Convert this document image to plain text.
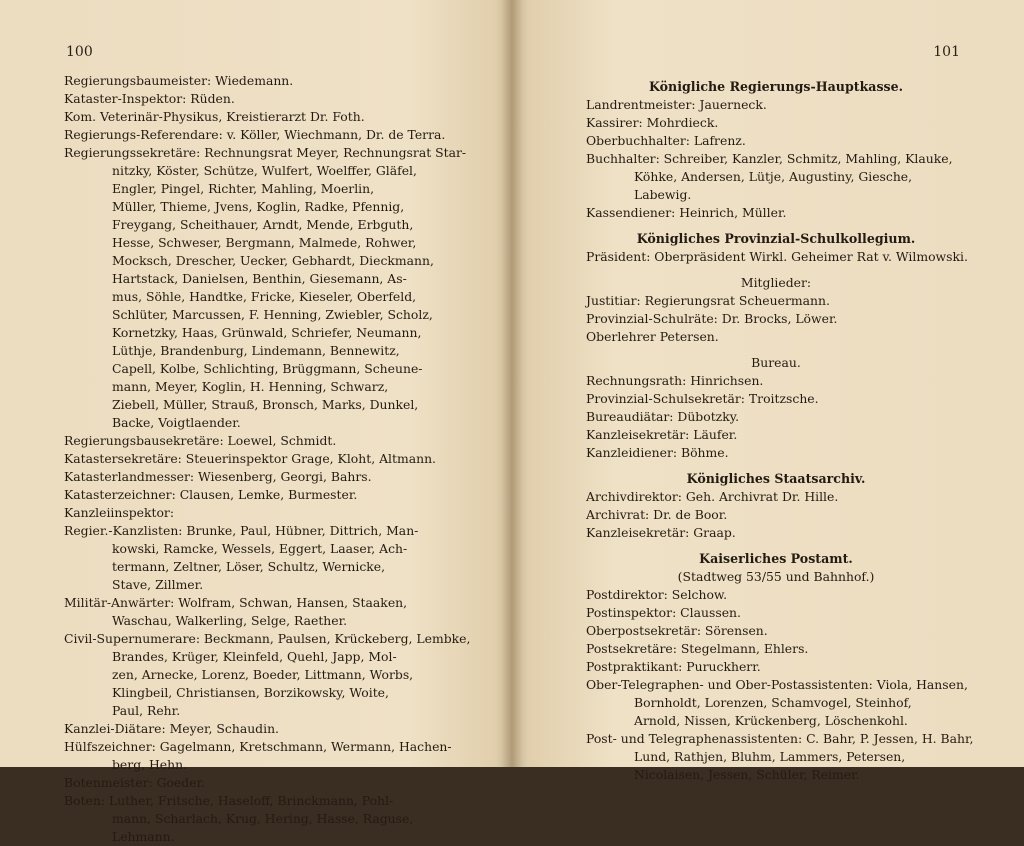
100
Regierungsbaumeister: Wiedemann.
Kataster-Inspektor: Rüden.
Kom. Veterinär-Physikus, Kreistierarzt Dr. Foth.
Regierungs-Referendare: v. Köller, Wiechmann, Dr. de Terra.
Regierungssekretäre: Rechnungsrat Meyer, Rechnungsrat Star-
nitzky, Köster, Schütze, Wulfert, Woelffer, Gläfel,
Engler, Pingel, Richter, Mahling, Moerlin,
Müller, Thieme, Jvens, Koglin, Radke, Pfennig,
Freygang, Scheithauer, Arndt, Mende, Erbguth,
Hesse, Schweser, Bergmann, Malmede, Rohwer,
Mocksch, Drescher, Uecker, Gebhardt, Dieckmann,
Hartstack, Danielsen, Benthin, Giesemann, As-
mus, Söhle, Handtke, Fricke, Kieseler, Oberfeld,
Schlüter, Marcussen, F. Henning, Zwiebler, Scholz,
Kornetzky, Haas, Grünwald, Schriefer, Neumann,
Lüthje, Brandenburg, Lindemann, Bennewitz,
Capell, Kolbe, Schlichting, Brüggmann, Scheune-
mann, Meyer, Koglin, H. Henning, Schwarz,
Ziebell, Müller, Strauß, Bronsch, Marks, Dunkel,
Backe, Voigtlaender.
Regierungsbausekretäre: Loewel, Schmidt.
Katastersekretäre: Steuerinspektor Grage, Kloht, Altmann.
Katasterlandmesser: Wiesenberg, Georgi, Bahrs.
Katasterzeichner: Clausen, Lemke, Burmester.
Kanzleiinspektor:
Regier.-Kanzlisten: Brunke, Paul, Hübner, Dittrich, Man-
kowski, Ramcke, Wessels, Eggert, Laaser, Ach-
termann, Zeltner, Löser, Schultz, Wernicke,
Stave, Zillmer.
Militär-Anwärter: Wolfram, Schwan, Hansen, Staaken,
Waschau, Walkerling, Selge, Raether.
Civil-Supernumerare: Beckmann, Paulsen, Krückeberg, Lembke,
Brandes, Krüger, Kleinfeld, Quehl, Japp, Mol-
zen, Arnecke, Lorenz, Boeder, Littmann, Worbs,
Klingbeil, Christiansen, Borzikowsky, Woite,
Paul, Rehr.
Kanzlei-Diätare: Meyer, Schaudin.
Hülfszeichner: Gagelmann, Kretschmann, Wermann, Hachen-
berg, Hehn.
Botenmeister: Goeder.
Boten: Luther, Fritsche, Haseloff, Brinckmann, Pohl-
mann, Scharlach, Krug, Hering, Hasse, Raguse,
Lehmann.
101
Königliche Regierungs-Hauptkasse.
Landrentmeister: Jauerneck.
Kassirer: Mohrdieck.
Oberbuchhalter: Lafrenz.
Buchhalter: Schreiber, Kanzler, Schmitz, Mahling, Klauke,
Köhke, Andersen, Lütje, Augustiny, Giesche,
Labewig.
Kassendiener: Heinrich, Müller.
Königliches Provinzial-Schulkollegium.
Präsident: Oberpräsident Wirkl. Geheimer Rat v. Wilmowski.
Mitglieder:
Justitiar: Regierungsrat Scheuermann.
Provinzial-Schulräte: Dr. Brocks, Löwer.
Oberlehrer Petersen.
Bureau.
Rechnungsrath: Hinrichsen.
Provinzial-Schulsekretär: Troitzsche.
Bureaudiätar: Dübotzky.
Kanzleisekretär: Läufer.
Kanzleidiener: Böhme.
Königliches Staatsarchiv.
Archivdirektor: Geh. Archivrat Dr. Hille.
Archivrat: Dr. de Boor.
Kanzleisekretär: Graap.
Kaiserliches Postamt.
(Stadtweg 53/55 und Bahnhof.)
Postdirektor: Selchow.
Postinspektor: Claussen.
Oberpostsekretär: Sörensen.
Postsekretäre: Stegelmann, Ehlers.
Postpraktikant: Puruckherr.
Ober-Telegraphen- und Ober-Postassistenten: Viola, Hansen,
Bornholdt, Lorenzen, Schamvogel, Steinhof,
Arnold, Nissen, Krückenberg, Löschenkohl.
Post- und Telegraphenassistenten: C. Bahr, P. Jessen, H. Bahr,
Lund, Rathjen, Bluhm, Lammers, Petersen,
Nicolaisen, Jessen, Schüler, Reimer.
